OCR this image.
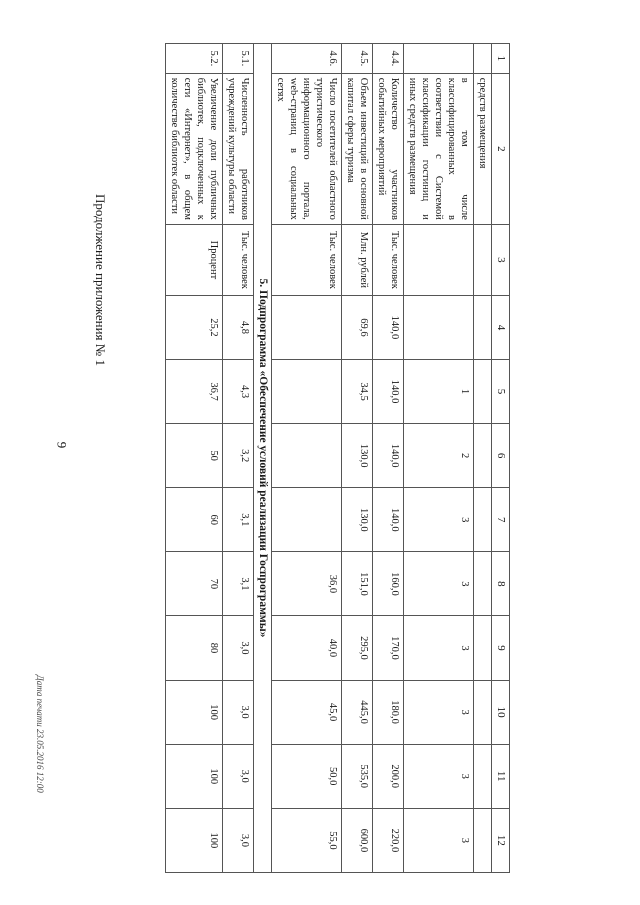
9
Продолжение приложения № 1
Дата печати 23.05.2016 12:00
1	2	3	4	5	6	7	8	9	10	11	12
	средств размещения										
	в том числе классифицированных в соответствии с Системой классификации гостиниц и иных средств размещения			1	2	3	3	3	3	3	3
4.4.	Количество участников событийных мероприятий	Тыс. человек	140,0	140,0	140,0	140,0	160,0	170,0	180,0	200,0	220,0
4.5.	Объем инвестиций в основной капитал сферы туризма	Млн. рублей	69,6	34,5	130,0	130,0	151,0	295,0	445,0	535,0	600,0
4.6.	Число посетителей областного туристического информационного портала, web-страниц в социальных сетях	Тыс. человек					36,0	40,0	45,0	50,0	55,0
5. Подпрограмма «Обеспечение условий реализации Госпрограммы»											
5.1.	Численность работников учреждений культуры области	Тыс. человек	4,8	4,3	3,2	3,1	3,1	3,0	3,0	3,0	3,0
5.2.	Увеличение доли публичных библиотек, подключенных к сети «Интернет», в общем количестве библиотек области	Процент	25,2	36,7	50	60	70	80	100	100	100
